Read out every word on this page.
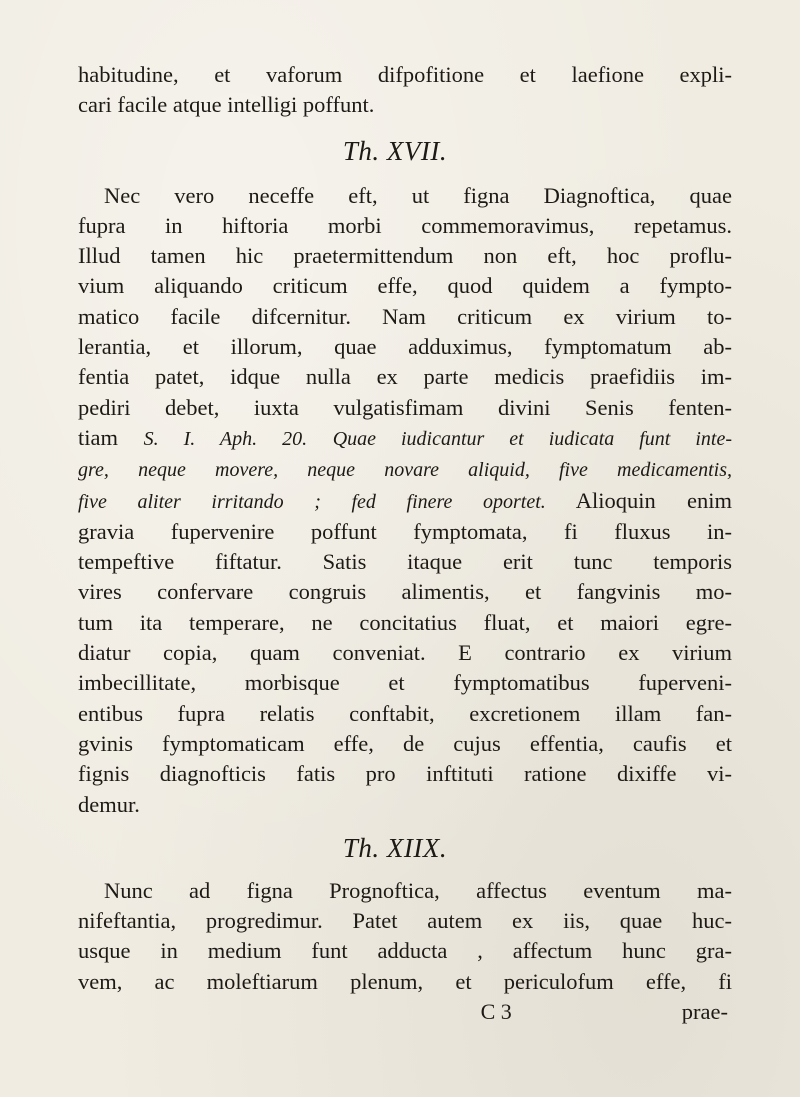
habitudine, et vaforum difpofitione et laefione expli-
cari facile atque intelligi poffunt.
Th. XVII.
Nec vero neceffe eft, ut figna Diagnoftica, quae
fupra in hiftoria morbi commemoravimus, repetamus.
Illud tamen hic praetermittendum non eft, hoc proflu-
vium aliquando criticum effe, quod quidem a fympto-
matico facile difcernitur. Nam criticum ex virium to-
lerantia, et illorum, quae adduximus, fymptomatum ab-
fentia patet, idque nulla ex parte medicis praefidiis im-
pediri debet, iuxta vulgatisfimam divini Senis fenten-
tiam S. I. Aph. 20. Quae iudicantur et iudicata funt inte-
gre, neque movere, neque novare aliquid, five medicamentis,
five aliter irritando ; fed finere oportet. Alioquin enim
gravia fupervenire poffunt fymptomata, fi fluxus in-
tempeftive fiftatur. Satis itaque erit tunc temporis
vires confervare congruis alimentis, et fangvinis mo-
tum ita temperare, ne concitatius fluat, et maiori egre-
diatur copia, quam conveniat. E contrario ex virium
imbecillitate, morbisque et fymptomatibus fuperveni-
entibus fupra relatis conftabit, excretionem illam fan-
gvinis fymptomaticam effe, de cujus effentia, caufis et
fignis diagnofticis fatis pro inftituti ratione dixiffe vi-
demur.
Th. XIIX.
Nunc ad figna Prognoftica, affectus eventum ma-
nifeftantia, progredimur. Patet autem ex iis, quae huc-
usque in medium funt adducta , affectum hunc gra-
vem, ac moleftiarum plenum, et periculofum effe, fi
C 3	prae-
